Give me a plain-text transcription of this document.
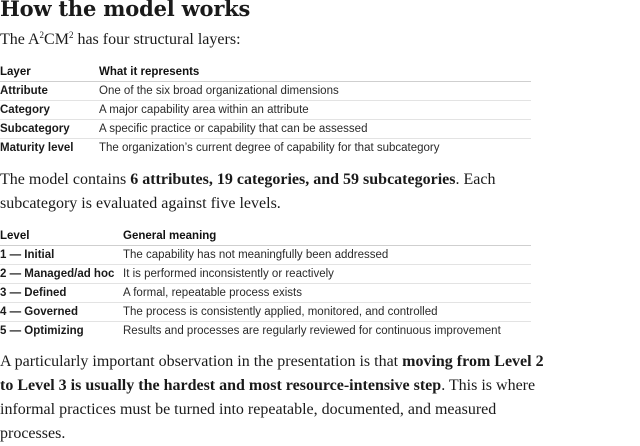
How the model works

The $A^2CM^2$ has four structural layers:

Layer	What it represents
Attribute	One of the six broad organizational dimensions
Category	A major capability area within an attribute
Subcategory	A specific practice or capability that can be assessed
Maturity level	The organization’s current degree of capability for that subcategory

The model contains 6 attributes, 19 categories, and 59 subcategories. Each subcategory is evaluated against five levels.

Level	General meaning
1 — Initial	The capability has not meaningfully been addressed
2 — Managed/ad hoc	It is performed inconsistently or reactively
3 — Defined	A formal, repeatable process exists
4 — Governed	The process is consistently applied, monitored, and controlled
5 — Optimizing	Results and processes are regularly reviewed for continuous improvement

A particularly important observation in the presentation is that moving from Level 2 to Level 3 is usually the hardest and most resource-intensive step. This is where informal practices must be turned into repeatable, documented, and measured processes.
